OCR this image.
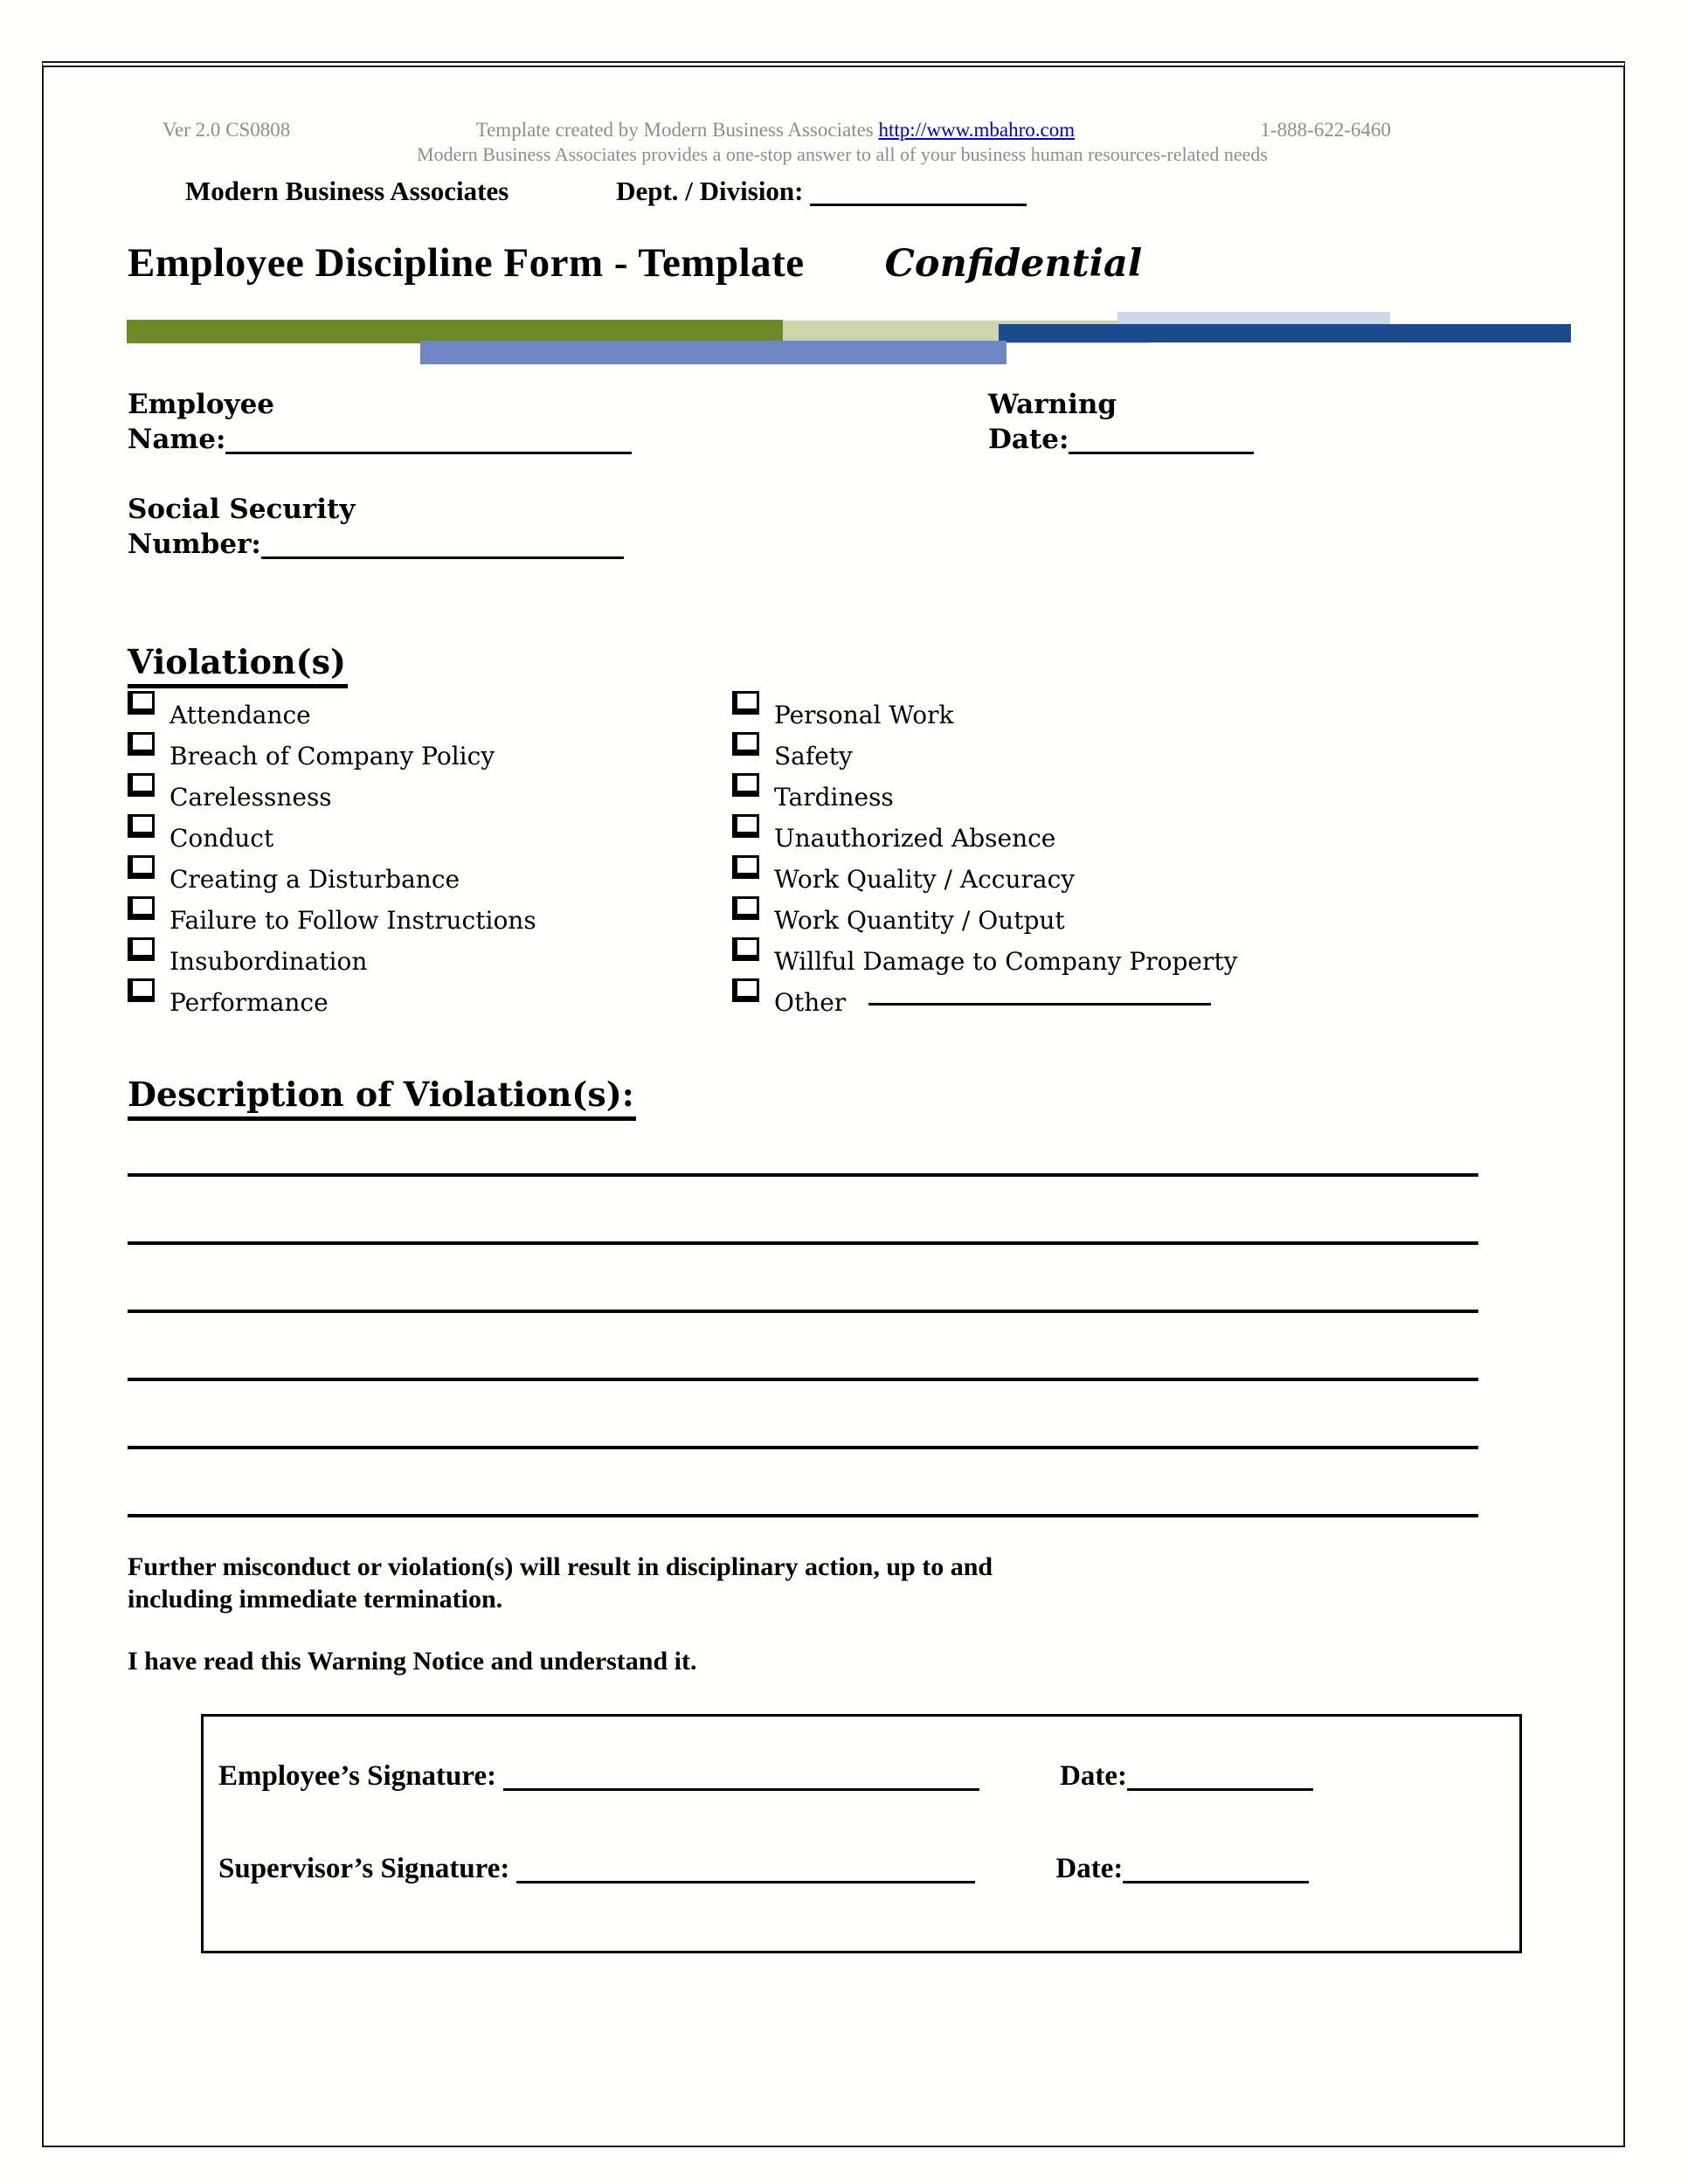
Ver 2.0 CS0808	Template created by Modern Business Associates http://www.mbahro.com	1-888-622-6460
Modern Business Associates provides a one-stop answer to all of your business human resources-related needs
Modern Business Associates	Dept. / Division:
Employee Discipline Form - Template Confidential
Employee
Name:
Warning
Date:
Social Security
Number:
Violation(s)
Attendance
Breach of Company Policy
Carelessness
Conduct
Creating a Disturbance
Failure to Follow Instructions
Insubordination
Performance
Personal Work
Safety
Tardiness
Unauthorized Absence
Work Quality / Accuracy
Work Quantity / Output
Willful Damage to Company Property
Other
Description of Violation(s):

Further misconduct or violation(s) will result in disciplinary action, up to and including immediate termination.

I have read this Warning Notice and understand it.

Employee’s Signature:	Date:
Supervisor’s Signature:	Date:
